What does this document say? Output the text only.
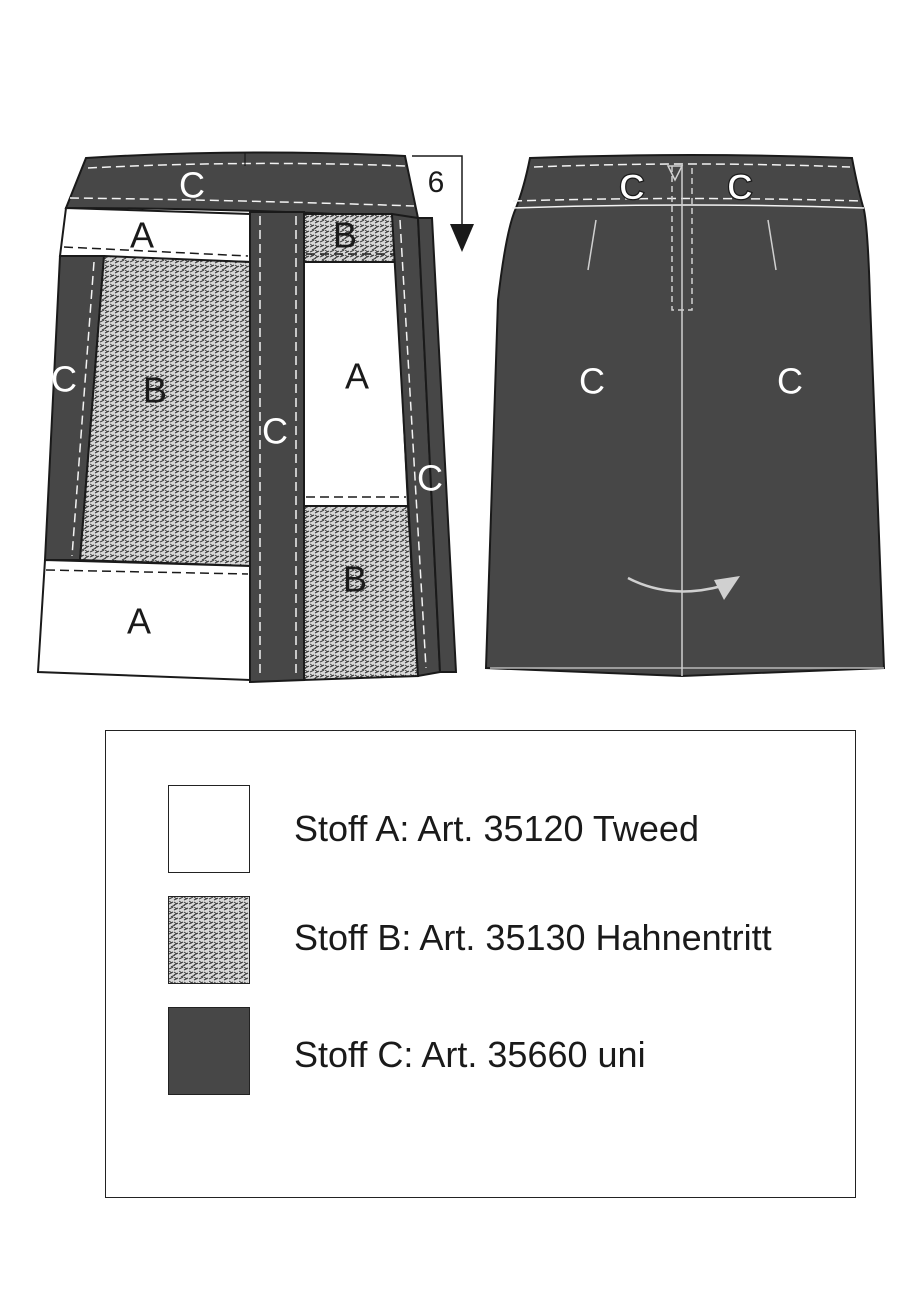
C
A
C B
A
C
B
A
C
B
6	C C
C	C
Stoff A: Art. 35120 Tweed
Stoff B: Art. 35130 Hahnentritt
Stoff C: Art. 35660 uni
